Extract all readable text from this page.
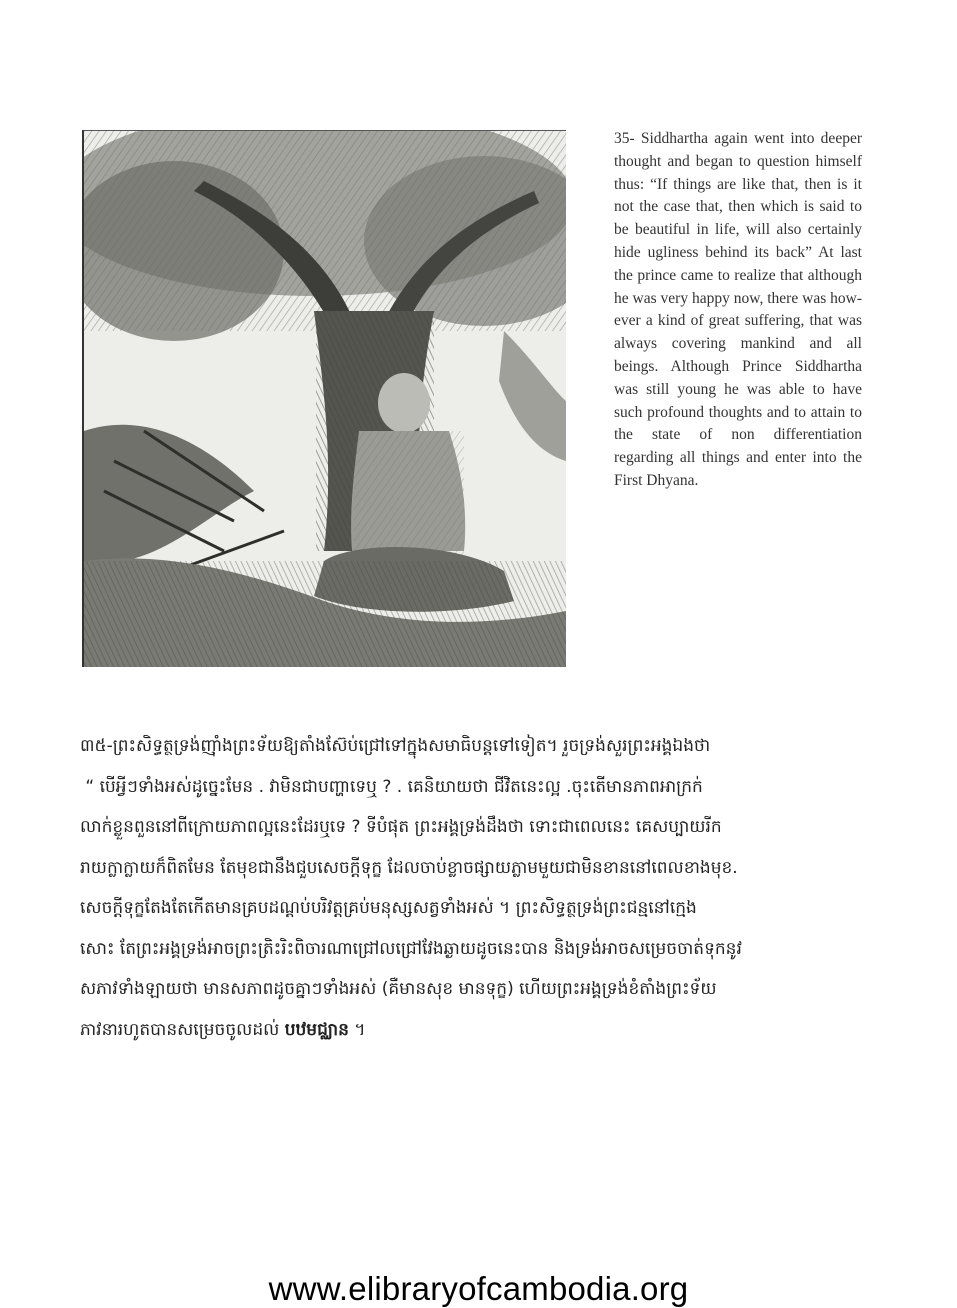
35- Siddhartha again went into deeper thought and began to question himself thus: “If things are like that, then is it not the case that, then which is said to be beautiful in life, will also certainly hide ugliness behind its back” At last the prince came to realize that although he was very happy now, there was how- ever a kind of great suffering, that was always covering mankind and all beings. Although Prince Siddhartha was still young he was able to have such profound thoughts and to attain to the state of non differentiation regarding all things and enter into the First Dhyana.
៣៥-ព្រះសិទ្ធត្ថទ្រង់ញ៉ាំងព្រះទ័យឱ្យតាំងស៊ែប់ជ្រៅទៅក្នុងសមាធិបន្តទៅទៀត។ រួចទ្រង់សួរព្រះអង្គឯងថា
“ បើអ្វីៗទាំងអស់ដូច្នេះមែន . វាមិនជាបញ្ហាទេឬ ? . គេនិយាយថា ជីវិតនេះល្អ .ចុះតើមានភាពអាក្រក់
លាក់ខ្លួនពួននៅពីក្រោយភាពល្អនេះដែរឬទេ ? ទីបំផុត ព្រះអង្គទ្រង់ដឹងថា ទោះជាពេលនេះ គេសប្បាយរីក
រាយក្លាក្លាយក៏ពិតមែន តែមុខជានឹងជួបសេចក្ដីទុក្ខ ដែលចាប់ខ្លាចផ្សាយភ្លាមមួយជាមិនខាននៅពេលខាងមុខ.
សេចក្ដីទុក្ខតែងតែកើតមានគ្របដណ្ដប់បរិវត្តគ្រប់មនុស្សសត្វទាំងអស់ ។ ព្រះសិទ្ធត្ថទ្រង់ព្រះជន្មនៅក្មេង
សោះ តែព្រះអង្គទ្រង់អាចព្រះត្រិះរិះពិចារណាជ្រៅលជ្រៅវែងឆ្ងាយដូចនេះបាន និងទ្រង់អាចសម្រេចចាត់ទុកនូវ
សភាវទាំងឡាយថា មានសភាពដូចគ្នាៗទាំងអស់ (គឺមានសុខ មានទុក្ខ) ហើយព្រះអង្គទ្រង់ខំតាំងព្រះទ័យ
ភាវនារហូតបានសម្រេចចូលដល់ បឋមជ្ឈាន ។
www.elibraryofcambodia.org
